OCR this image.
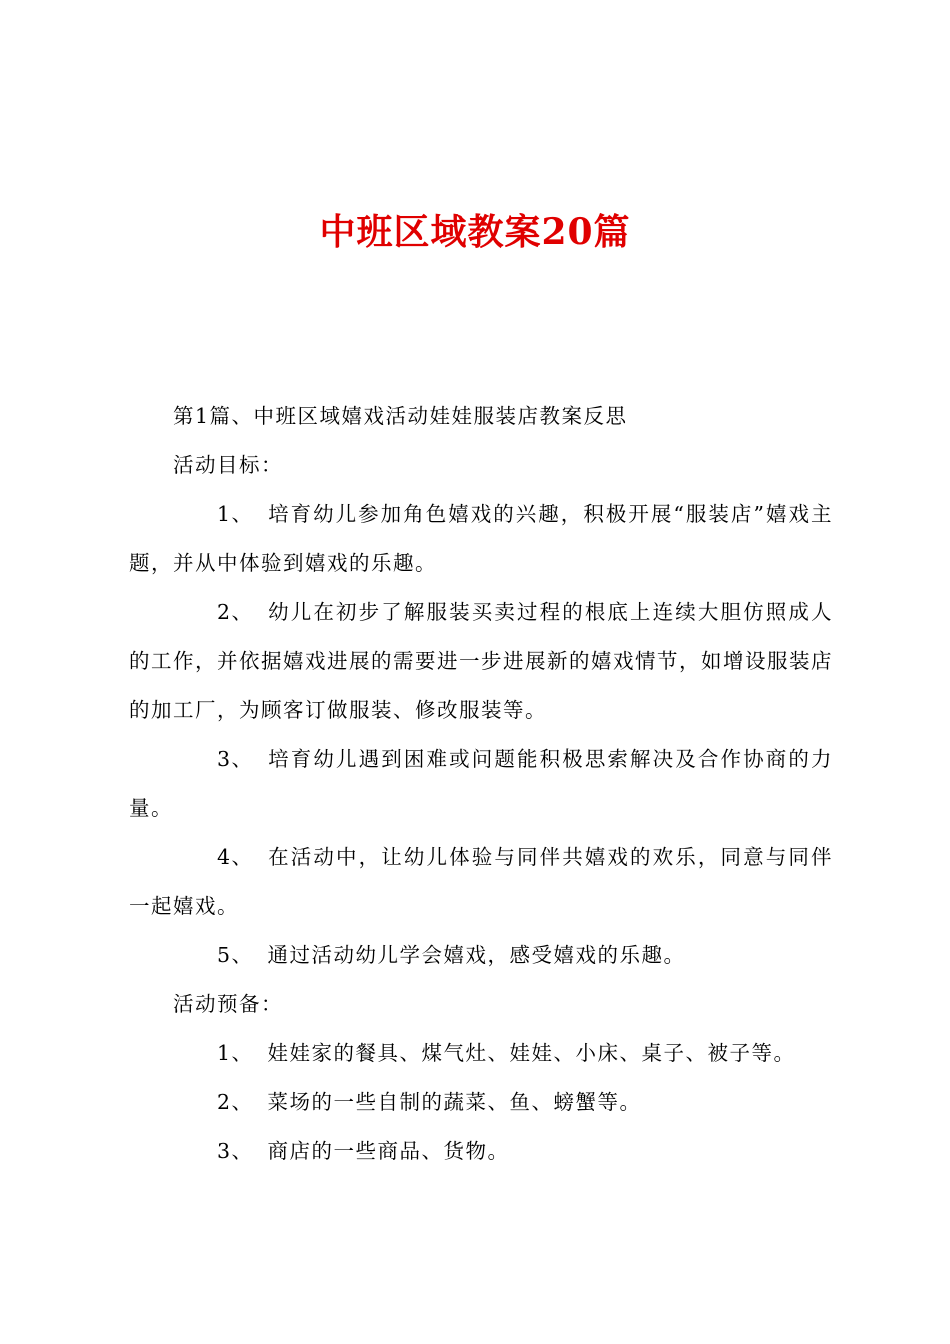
中班区域教案20篇

第1篇、中班区域嬉戏活动娃娃服装店教案反思

活动目标：

1、 培育幼儿参加角色嬉戏的兴趣，积极开展“服装店”嬉戏主题，并从中体验到嬉戏的乐趣。

2、 幼儿在初步了解服装买卖过程的根底上连续大胆仿照成人的工作，并依据嬉戏进展的需要进一步进展新的嬉戏情节，如增设服装店的加工厂，为顾客订做服装、修改服装等。

3、 培育幼儿遇到困难或问题能积极思索解决及合作协商的力量。

4、 在活动中，让幼儿体验与同伴共嬉戏的欢乐，同意与同伴一起嬉戏。

5、 通过活动幼儿学会嬉戏，感受嬉戏的乐趣。

活动预备：

1、 娃娃家的餐具、煤气灶、娃娃、小床、桌子、被子等。

2、 菜场的一些自制的蔬菜、鱼、螃蟹等。

3、 商店的一些商品、货物。
